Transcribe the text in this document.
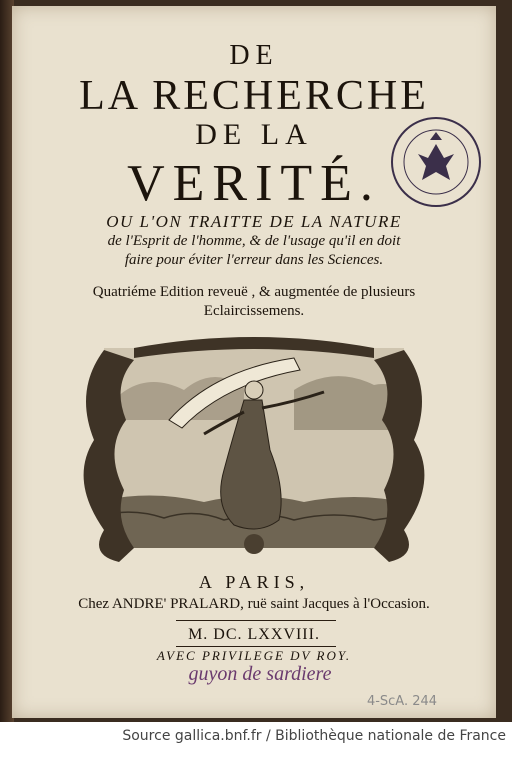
DE
LA RECHERCHE
DE LA
VERITÉ.
OU L'ON TRAITTE DE LA NATURE
de l'Esprit de l'homme, & de l'usage qu'il en doit
faire pour éviter l'erreur dans les Sciences.
Quatriéme Edition reveuë , & augmentée de plusieurs
Eclaircissemens.
A PARIS,
Chez ANDRE' PRALARD, ruë saint Jacques à l'Occasion.
M. DC. LXXVIII.
AVEC PRIVILEGE DV ROY.
guyon de sardiere
4-ScA. 244
Source gallica.bnf.fr / Bibliothèque nationale de France
